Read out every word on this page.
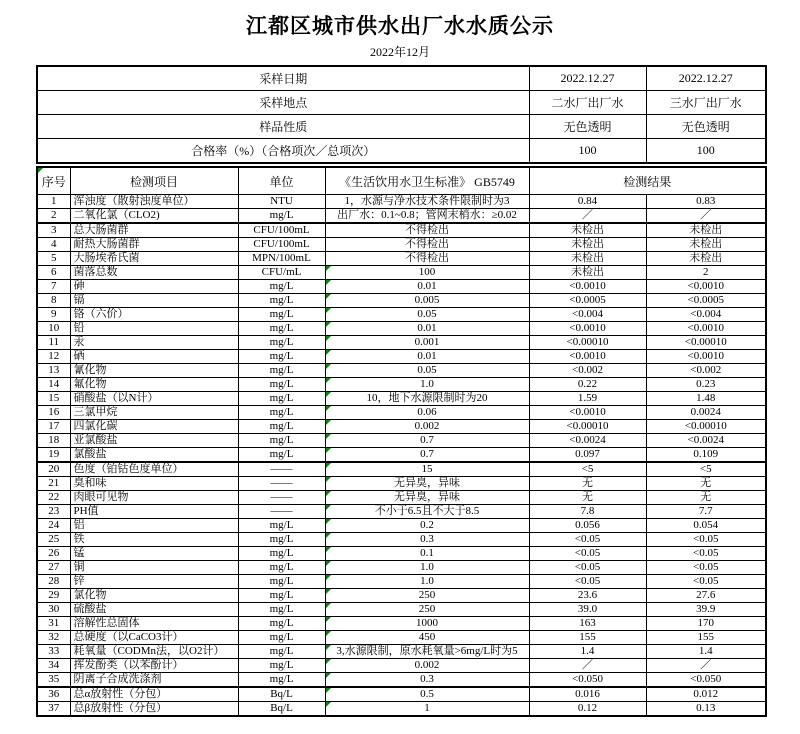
江都区城市供水出厂水水质公示
2022年12月
采样日期	2022.12.27	2022.12.27
采样地点	二水厂出厂水	三水厂出厂水
样品性质	无色透明	无色透明
合格率（%）（合格项次／总项次）	100	100
序号	检测项目	单位	《生活饮用水卫生标准》 GB5749	检测结果	
1	浑浊度（散射浊度单位）	NTU	1，水源与净水技术条件限制时为3	0.84	0.83
2	二氧化氯（CLO2)	mg/L	出厂水：0.1~0.8；管网末梢水：≥0.02	／	／
3	总大肠菌群	CFU/100mL	不得检出	未检出	未检出
4	耐热大肠菌群	CFU/100mL	不得检出	未检出	未检出
5	大肠埃希氏菌	MPN/100mL	不得检出	未检出	未检出
6	菌落总数	CFU/mL	100	未检出	2
7	砷	mg/L	0.01	<0.0010	<0.0010
8	镉	mg/L	0.005	<0.0005	<0.0005
9	铬（六价）	mg/L	0.05	<0.004	<0.004
10	铅	mg/L	0.01	<0.0010	<0.0010
11	汞	mg/L	0.001	<0.00010	<0.00010
12	硒	mg/L	0.01	<0.0010	<0.0010
13	氰化物	mg/L	0.05	<0.002	<0.002
14	氟化物	mg/L	1.0	0.22	0.23
15	硝酸盐（以N计）	mg/L	10，地下水源限制时为20	1.59	1.48
16	三氯甲烷	mg/L	0.06	<0.0010	0.0024
17	四氯化碳	mg/L	0.002	<0.00010	<0.00010
18	亚氯酸盐	mg/L	0.7	<0.0024	<0.0024
19	氯酸盐	mg/L	0.7	0.097	0.109
20	色度（铂钴色度单位）	——	15	<5	<5
21	臭和味	——	无异臭，异味	无	无
22	肉眼可见物	——	无异臭，异味	无	无
23	PH值	——	不小于6.5且不大于8.5	7.8	7.7
24	铝	mg/L	0.2	0.056	0.054
25	铁	mg/L	0.3	<0.05	<0.05
26	锰	mg/L	0.1	<0.05	<0.05
27	铜	mg/L	1.0	<0.05	<0.05
28	锌	mg/L	1.0	<0.05	<0.05
29	氯化物	mg/L	250	23.6	27.6
30	硫酸盐	mg/L	250	39.0	39.9
31	溶解性总固体	mg/L	1000	163	170
32	总硬度（以CaCO3计）	mg/L	450	155	155
33	耗氧量（CODMn法，以O2计）	mg/L	3,水源限制，原水耗氧量>6mg/L时为5	1.4	1.4
34	挥发酚类（以苯酚计）	mg/L	0.002	／	／
35	阴离子合成洗涤剂	mg/L	0.3	<0.050	<0.050
36	总α放射性（分包）	Bq/L	0.5	0.016	0.012
37	总β放射性（分包）	Bq/L	1	0.12	0.13
